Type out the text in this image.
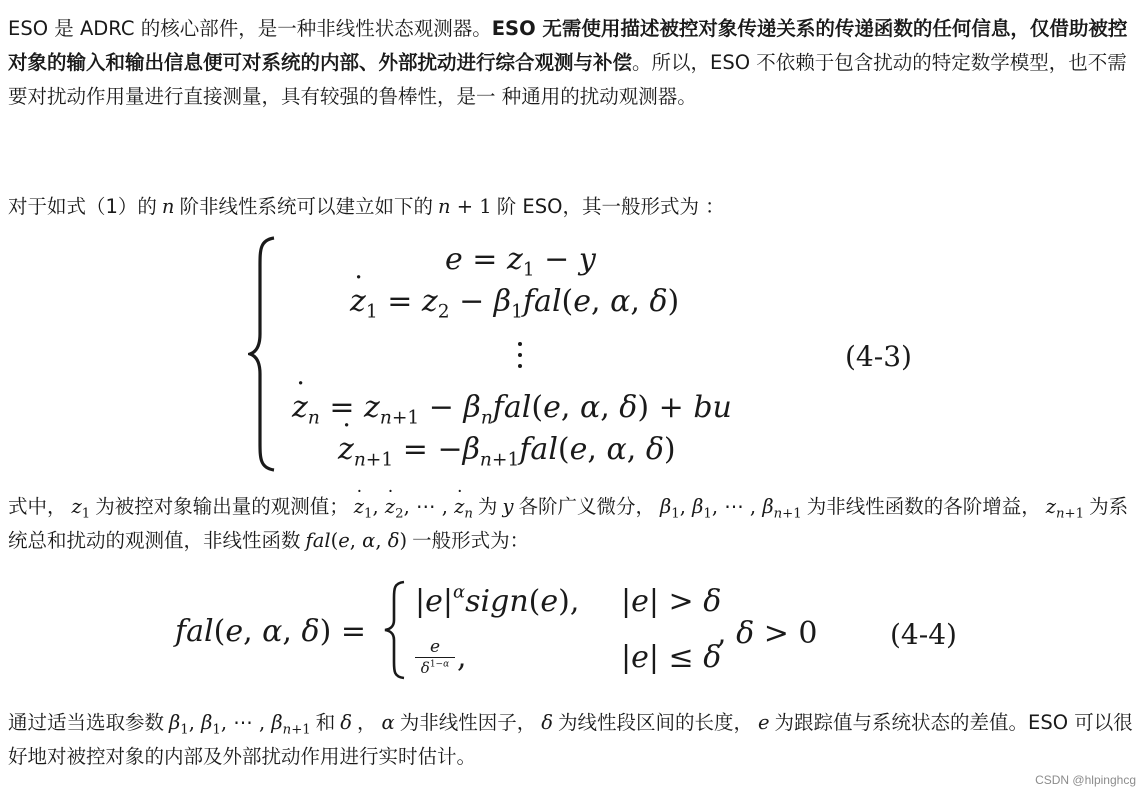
ESO 是 ADRC 的核心部件，是一种非线性状态观测器。ESO 无需使用描述被控对象传递关系的传递函数的任何信息，仅借助被控对象的输入和输出信息便可对系统的内部、外部扰动进行综合观测与补偿。所以，ESO 不依赖于包含扰动的特定数学模型，也不需要对扰动作用量进行直接测量，具有较强的鲁棒性，是一 种通用的扰动观测器。

对于如式（1）的 n 阶非线性系统可以建立如下的 n + 1 阶 ESO，其一般形式为 ：

$e = z_1 - y$
z $˙_1 = z_2 - \beta_1fal(e$, α, δ)
z $˙_n = z_{n+1} - \beta_nfal(e$, α, δ) + bu
z $˙_{n+1} = -\beta_{n+1}fal(e$, α, δ)
(4-3)

式中， $z_1$ 为被控对象输出量的观测值； z $˙_1$, z $˙_2$, ⋯ , z $˙_n$ 为 y 各阶广义微分， $\beta_1$, $\beta_1$, ⋯ , $\beta_{n+1}$ 为非线性函数的各阶增益， $z_{n+1}$ 为系统总和扰动的观测值，非线性函数 fal(e, α, δ) 一般形式为：

fal(e, α, δ) =
$|e|^\alpha sign(e)$, |e| > δ
e
$\delta^{1-\alpha}$ ,	|e| ≤ δ
, δ > 0	(4-4)

通过适当选取参数 $\beta_1$, $\beta_1$, ⋯ , $\beta_{n+1}$ 和 δ ， α 为非线性因子， δ 为线性段区间的长度， e 为跟踪值与系统状态的差值。ESO 可以很好地对被控对象的内部及外部扰动作用进行实时估计。

CSDN @hlpinghcg
